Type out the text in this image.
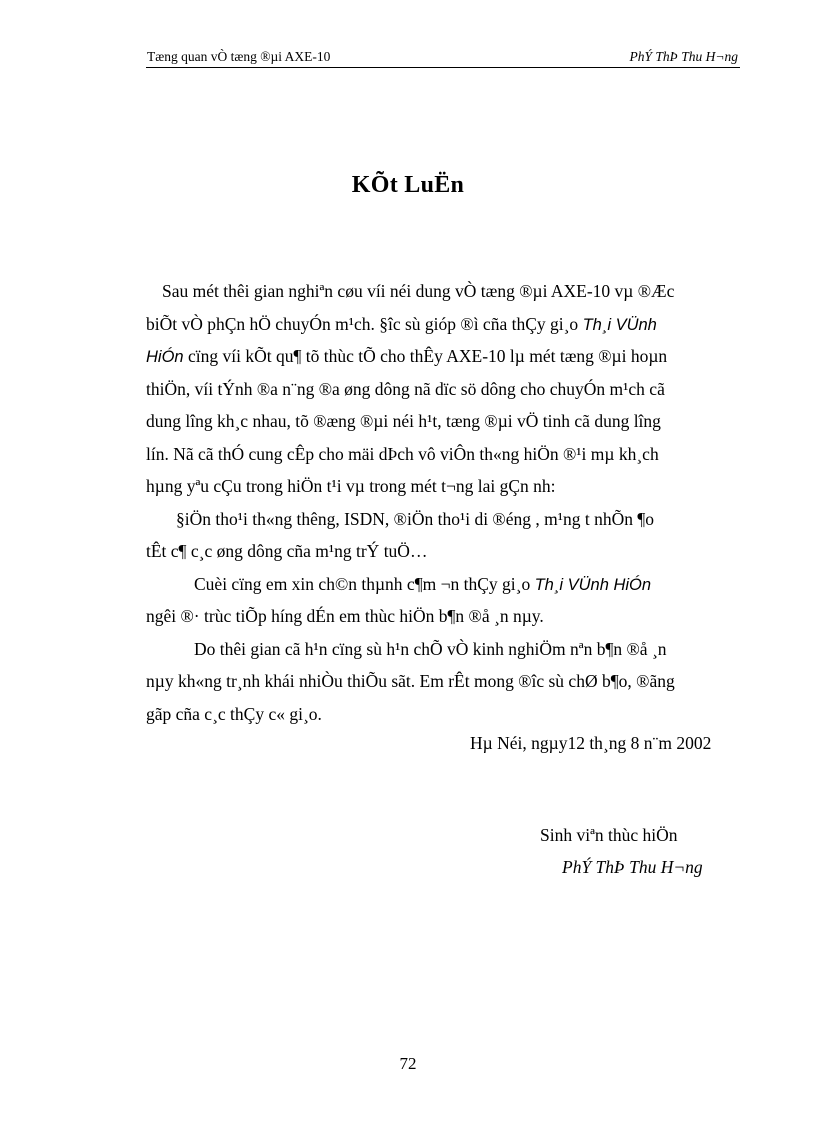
Tæng quan vÒ tæng ®µi AXE-10	PhÝ ThÞ Thu H¬ng
KÕt LuËn
Sau mét thêi gian nghiªn cøu víi néi dung vÒ tæng ®µi AXE-10 vµ ®Æc
biÕt vÒ phÇn hÖ chuyÓn m¹ch. §îc sù gióp ®ì cña thÇy gi¸o Th¸i VÜnh
HiÓn cïng víi kÕt qu¶ tõ thùc tÕ cho thÊy AXE-10 lµ mét tæng ®µi hoµn
thiÖn, víi tÝnh ®a n¨ng ®a øng dông nã dïc sö dông cho chuyÓn m¹ch cã
dung lîng kh¸c nhau, tõ ®æng ®µi néi h¹t, tæng ®µi vÖ tinh cã dung lîng
lín. Nã cã thÓ cung cÊp cho mäi dÞch vô viÔn th«ng hiÖn ®¹i mµ kh¸ch
hµng yªu cÇu trong hiÖn t¹i vµ trong mét t¬ng lai gÇn nh:
§iÖn tho¹i th«ng thêng, ISDN, ®iÖn tho¹i di ®éng , m¹ng t nhÕn ¶o
tÊt c¶ c¸c øng dông cña m¹ng trÝ tuÖ…
Cuèi cïng em xin ch©n thµnh c¶m ¬n thÇy gi¸o Th¸i VÜnh HiÓn
ngêi ®· trùc tiÕp híng dÉn em thùc hiÖn b¶n ®å ¸n nµy.
Do thêi gian cã h¹n cïng sù h¹n chÕ vÒ kinh nghiÖm nªn b¶n ®å ¸n
nµy kh«ng tr¸nh khái nhiÒu thiÕu sãt. Em rÊt mong ®îc sù chØ b¶o, ®ãng
gãp cña c¸c thÇy c« gi¸o.
Hµ Néi, ngµy12 th¸ng 8 n¨m 2002
Sinh viªn thùc hiÖn
PhÝ ThÞ Thu H¬ng
72
